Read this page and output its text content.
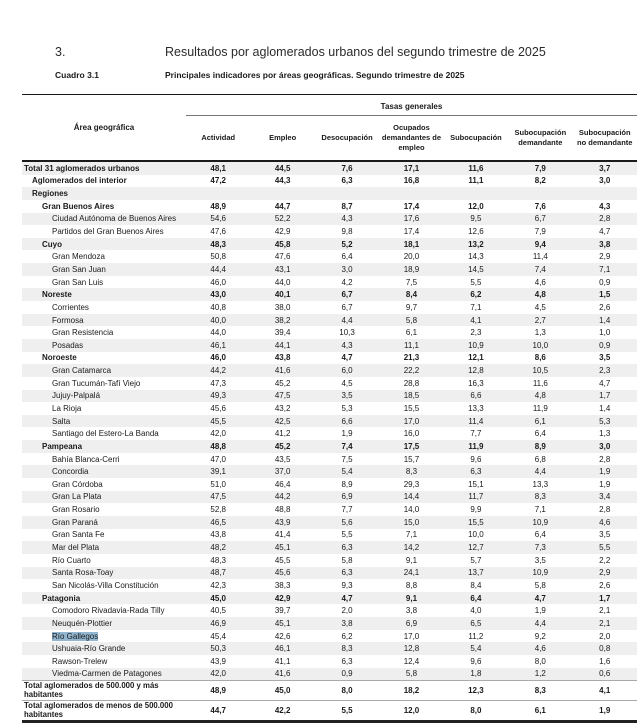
3.	Resultados por aglomerados urbanos del segundo trimestre de 2025
Cuadro 3.1	Principales indicadores por áreas geográficas. Segundo trimestre de 2025
Área geográfica
Tasas generales
Actividad	Empleo	Desocupación
Ocupados demandantes de empleo
Subocupación
Subocupación demandante
Subocupación no demandante
Total 31 aglomerados urbanos	48,1	44,5	7,6	17,1	11,6	7,9	3,7
Aglomerados del interior	47,2	44,3	6,3	16,8	11,1	8,2	3,0
Regiones
Gran Buenos Aires	48,9	44,7	8,7	17,4	12,0	7,6	4,3
Ciudad Autónoma de Buenos Aires	54,6	52,2	4,3	17,6	9,5	6,7	2,8
Partidos del Gran Buenos Aires	47,6	42,9	9,8	17,4	12,6	7,9	4,7
Cuyo	48,3	45,8	5,2	18,1	13,2	9,4	3,8
Gran Mendoza	50,8	47,6	6,4	20,0	14,3	11,4	2,9
Gran San Juan	44,4	43,1	3,0	18,9	14,5	7,4	7,1
Gran San Luis	46,0	44,0	4,2	7,5	5,5	4,6	0,9
Noreste	43,0	40,1	6,7	8,4	6,2	4,8	1,5
Corrientes	40,8	38,0	6,7	9,7	7,1	4,5	2,6
Formosa	40,0	38,2	4,4	5,8	4,1	2,7	1,4
Gran Resistencia	44,0	39,4	10,3	6,1	2,3	1,3	1,0
Posadas	46,1	44,1	4,3	11,1	10,9	10,0	0,9
Noroeste	46,0	43,8	4,7	21,3	12,1	8,6	3,5
Gran Catamarca	44,2	41,6	6,0	22,2	12,8	10,5	2,3
Gran Tucumán-Tafí Viejo	47,3	45,2	4,5	28,8	16,3	11,6	4,7
Jujuy-Palpalá	49,3	47,5	3,5	18,5	6,6	4,8	1,7
La Rioja	45,6	43,2	5,3	15,5	13,3	11,9	1,4
Salta	45,5	42,5	6,6	17,0	11,4	6,1	5,3
Santiago del Estero-La Banda	42,0	41,2	1,9	16,0	7,7	6,4	1,3
Pampeana	48,8	45,2	7,4	17,5	11,9	8,9	3,0
Bahía Blanca-Cerri	47,0	43,5	7,5	15,7	9,6	6,8	2,8
Concordia	39,1	37,0	5,4	8,3	6,3	4,4	1,9
Gran Córdoba	51,0	46,4	8,9	29,3	15,1	13,3	1,9
Gran La Plata	47,5	44,2	6,9	14,4	11,7	8,3	3,4
Gran Rosario	52,8	48,8	7,7	14,0	9,9	7,1	2,8
Gran Paraná	46,5	43,9	5,6	15,0	15,5	10,9	4,6
Gran Santa Fe	43,8	41,4	5,5	7,1	10,0	6,4	3,5
Mar del Plata	48,2	45,1	6,3	14,2	12,7	7,3	5,5
Río Cuarto	48,3	45,5	5,8	9,1	5,7	3,5	2,2
Santa Rosa-Toay	48,7	45,6	6,3	24,1	13,7	10,9	2,9
San Nicolás-Villa Constitución	42,3	38,3	9,3	8,8	8,4	5,8	2,6
Patagonia	45,0	42,9	4,7	9,1	6,4	4,7	1,7
Comodoro Rivadavia-Rada Tilly	40,5	39,7	2,0	3,8	4,0	1,9	2,1
Neuquén-Plottier	46,9	45,1	3,8	6,9	6,5	4,4	2,1
Río Gallegos	45,4	42,6	6,2	17,0	11,2	9,2	2,0
Ushuaia-Río Grande	50,3	46,1	8,3	12,8	5,4	4,6	0,8
Rawson-Trelew	43,9	41,1	6,3	12,4	9,6	8,0	1,6
Viedma-Carmen de Patagones	42,0	41,6	0,9	5,8	1,8	1,2	0,6
Total aglomerados de 500.000 y más habitantes	48,9	45,0	8,0	18,2	12,3	8,3	4,1
Total aglomerados de menos de 500.000 habitantes	44,7	42,2	5,5	12,0	8,0	6,1	1,9
